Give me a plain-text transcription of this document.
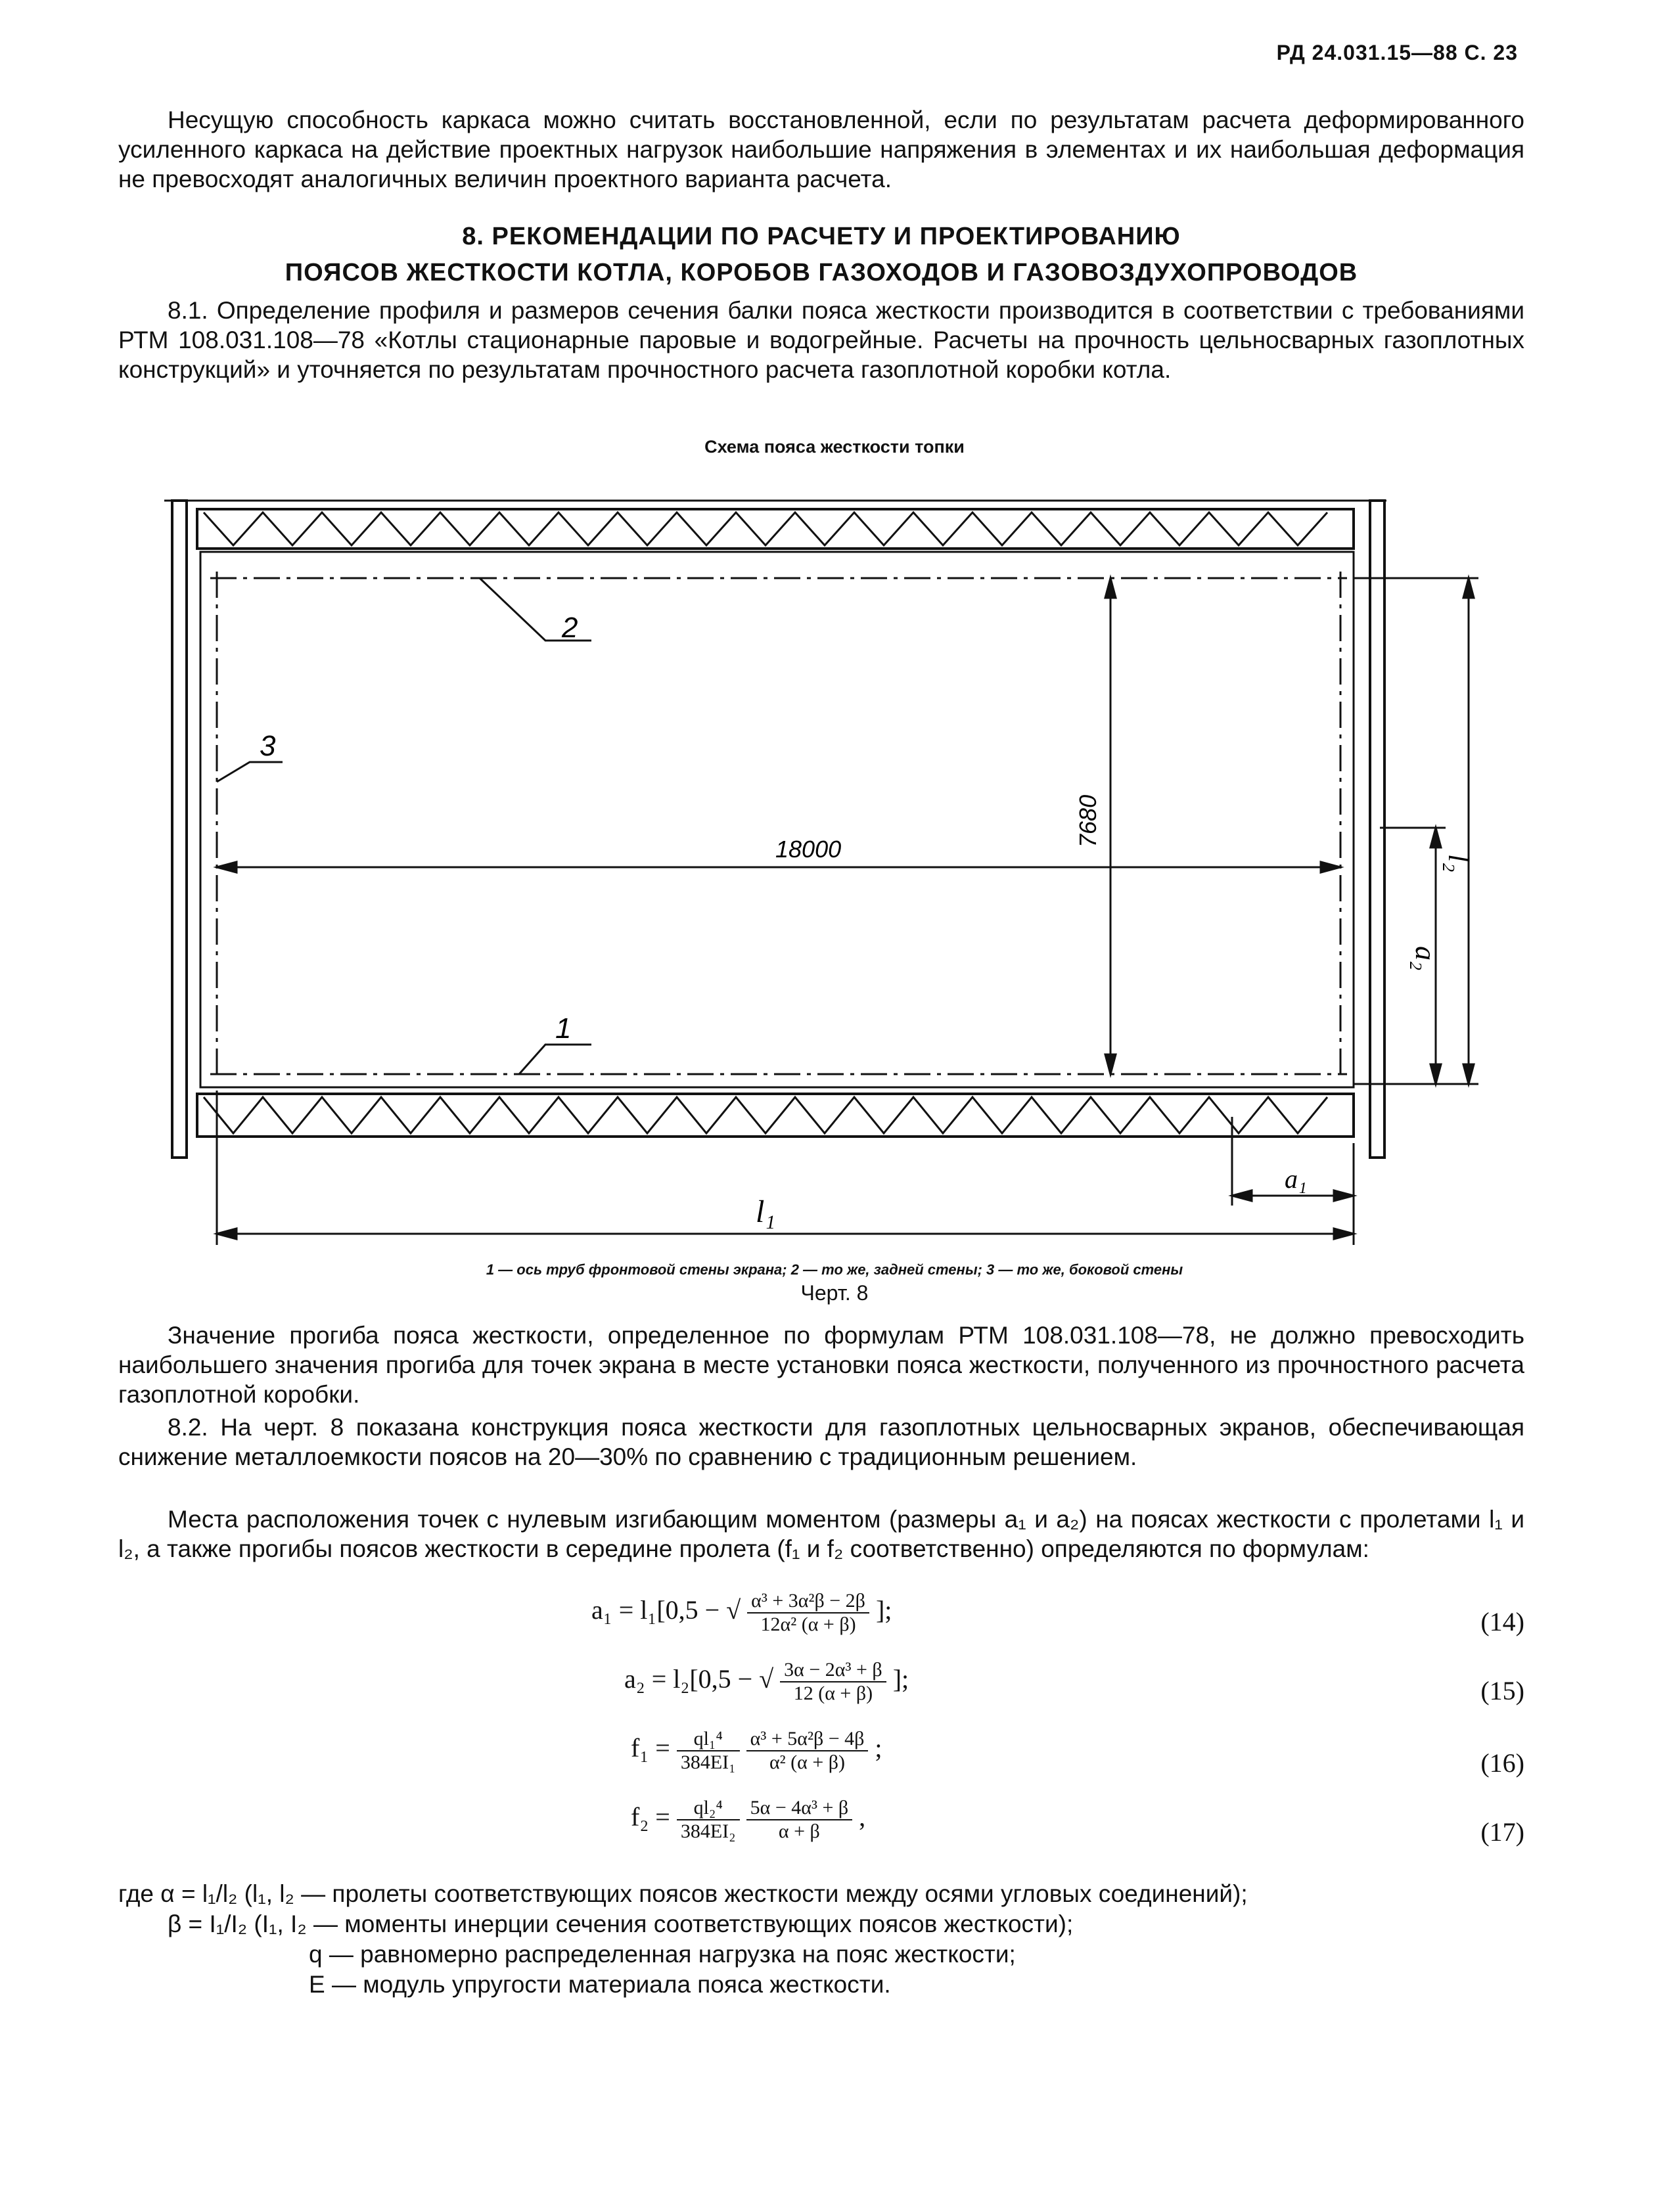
РД 24.031.15—88 С. 23
Несущую способность каркаса можно считать восстановленной, если по результатам расчета деформированного усиленного каркаса на действие проектных нагрузок наибольшие напряжения в элементах и их наибольшая деформация не превосходят аналогичных величин проектного варианта расчета.
8. РЕКОМЕНДАЦИИ ПО РАСЧЕТУ И ПРОЕКТИРОВАНИЮ
ПОЯСОВ ЖЕСТКОСТИ КОТЛА, КОРОБОВ ГАЗОХОДОВ И ГАЗОВОЗДУХОПРОВОДОВ
8.1. Определение профиля и размеров сечения балки пояса жесткости производится в соответствии с требованиями РТМ 108.031.108—78 «Котлы стационарные паровые и водогрейные. Расчеты на прочность цельносварных газоплотных конструкций» и уточняется по результатам прочностного расчета газоплотной коробки котла.
Схема пояса жесткости топки
18000
7680
2
1
3
l₁
a₁
l₂
a₂
1 — ось труб фронтовой стены экрана; 2 — то же, задней стены; 3 — то же, боковой стены
Черт. 8
Значение прогиба пояса жесткости, определенное по формулам РТМ 108.031.108—78, не должно превосходить наибольшего значения прогиба для точек экрана в месте установки пояса жесткости, полученного из прочностного расчета газоплотной коробки.
8.2. На черт. 8 показана конструкция пояса жесткости для газоплотных цельносварных экранов, обеспечивающая снижение металлоемкости поясов на 20—30% по сравнению с традиционным решением.
Места расположения точек с нулевым изгибающим моментом (размеры a₁ и a₂) на поясах жесткости с пролетами l₁ и l₂, а также прогибы поясов жесткости в середине пролета (f₁ и f₂ соответственно) определяются по формулам:
a₁ = l₁[0,5 − √ $\frac{\text{α³ + 3α²β − 2β}}{\text{12α² (α + β)}}$ ];	(14)
a₂ = l₂[0,5 − √ $\frac{\text{3α − 2α³ + β}}{12 (\alpha + \beta)}$ ];	(15)
$f_1 = \frac{\text{ql₁⁴}}{\text{384EI₁}}$
$\frac{\text{α³ + 5α²β − 4β}}{\text{α² (α + β)}}$ ;
(16)
$f_2 = \frac{\text{ql₂⁴}}{\text{384EI₂}}$
$\frac{\text{5α − 4α³ + β}}{\alpha + \beta}$ ,
(17)
где α = l₁/l₂ (l₁, l₂ — пролеты соответствующих поясов жесткости между осями угловых соединений);
β = I₁/I₂ (I₁, I₂ — моменты инерции сечения соответствующих поясов жесткости);
q — равномерно распределенная нагрузка на пояс жесткости;
E — модуль упругости материала пояса жесткости.
